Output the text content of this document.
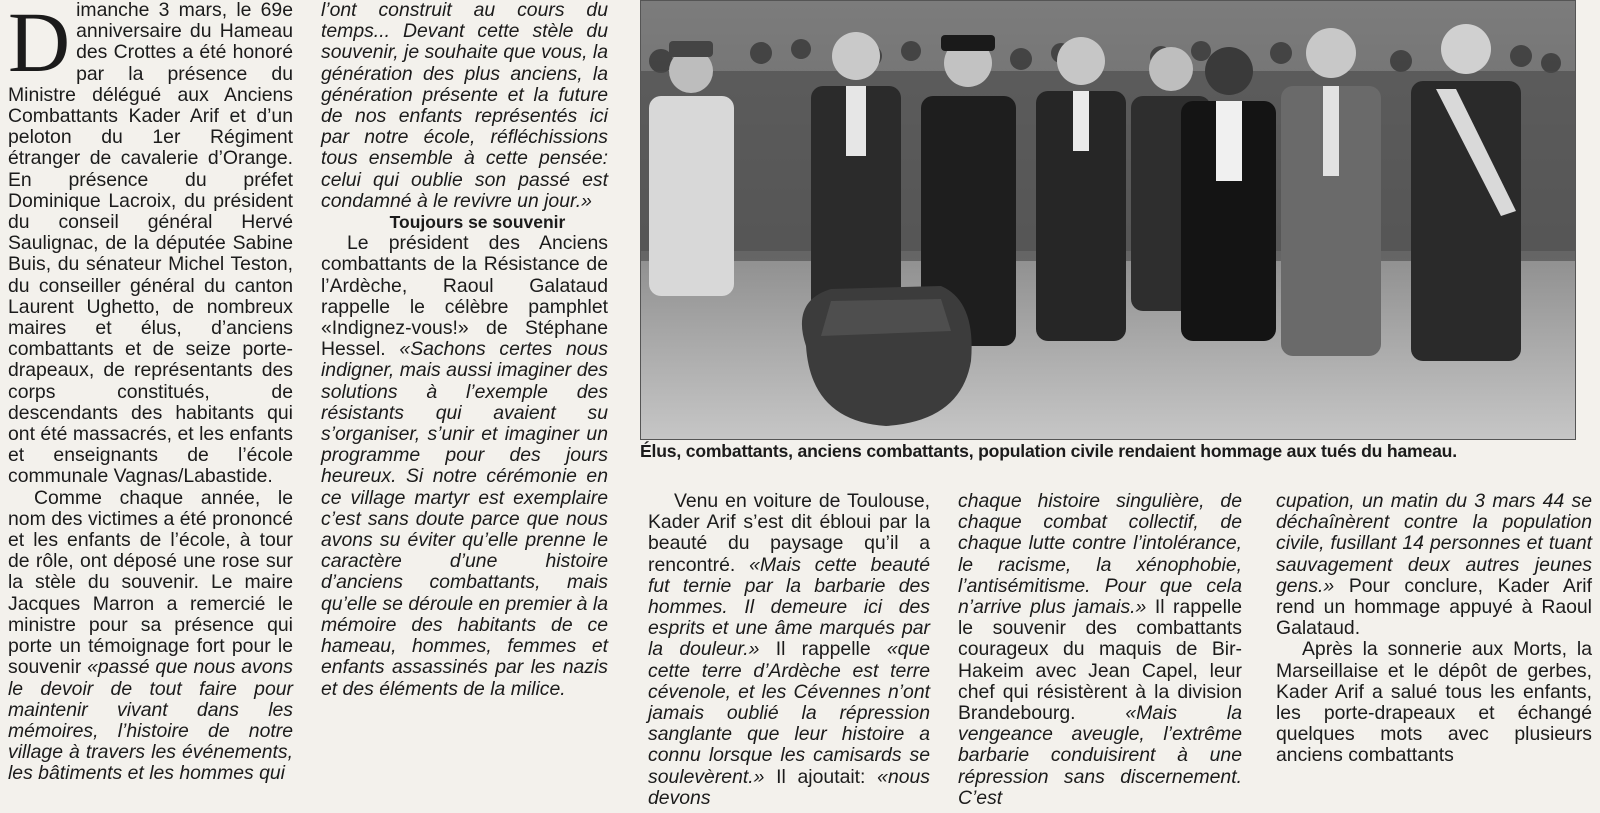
Dimanche 3 mars, le 69e anniversaire du Hameau des Crottes a été honoré par la présence du Ministre délégué aux Anciens Combattants Kader Arif et d’un peloton du 1er Régiment étranger de cavalerie d’Orange. En présence du préfet Dominique Lacroix, du président du conseil général Hervé Saulignac, de la députée Sabine Buis, du sénateur Michel Teston, du conseiller général du canton Laurent Ughetto, de nombreux maires et élus, d’anciens combattants et de seize porte-drapeaux, de représentants des corps constitués, de descendants des habitants qui ont été massacrés, et les enfants et enseignants de l’école communale Vagnas/Labastide.

Comme chaque année, le nom des victimes a été prononcé et les enfants de l’école, à tour de rôle, ont déposé une rose sur la stèle du souvenir. Le maire Jacques Marron a remercié le ministre pour sa présence qui porte un témoignage fort pour le souvenir «passé que nous avons le devoir de tout faire pour maintenir vivant dans les mémoires, l’histoire de notre village à travers les événements, les bâtiments et les hommes qui

l’ont construit au cours du temps... Devant cette stèle du souvenir, je souhaite que vous, la génération des plus anciens, la génération présente et la future de nos enfants représentés ici par notre école, réfléchissions tous ensemble à cette pensée: celui qui oublie son passé est condamné à le revivre un jour.»

Toujours se souvenir

Le président des Anciens combattants de la Résistance de l’Ardèche, Raoul Galataud rappelle le célèbre pamphlet «Indignez-vous!» de Stéphane Hessel. «Sachons certes nous indigner, mais aussi imaginer des solutions à l’exemple des résistants qui avaient su s’organiser, s’unir et imaginer un programme pour des jours heureux. Si notre cérémonie en ce village martyr est exemplaire c’est sans doute parce que nous avons su éviter qu’elle prenne le caractère d’une histoire d’anciens combattants, mais qu’elle se déroule en premier à la mémoire des habitants de ce hameau, hommes, femmes et enfants assassinés par les nazis et des éléments de la milice.

Élus, combattants, anciens combattants, population civile rendaient hommage aux tués du hameau.

Venu en voiture de Toulouse, Kader Arif s’est dit ébloui par la beauté du paysage qu’il a rencontré. «Mais cette beauté fut ternie par la barbarie des hommes. Il demeure ici des esprits et une âme marqués par la douleur.» Il rappelle «que cette terre d’Ardèche est terre cévenole, et les Cévennes n’ont jamais oublié la répression sanglante que leur histoire a connu lorsque les camisards se soulevèrent.» Il ajoutait: «nous devons

chaque histoire singulière, de chaque combat collectif, de chaque lutte contre l’intolérance, le racisme, la xénophobie, l’antisémitisme. Pour que cela n’arrive plus jamais.» Il rappelle le souvenir des combattants courageux du maquis de Bir-Hakeim avec Jean Capel, leur chef qui résistèrent à la division Brandebourg. «Mais la vengeance aveugle, l’extrême barbarie conduisirent à une répression sans discernement. C’est

cupation, un matin du 3 mars 44 se déchaînèrent contre la population civile, fusillant 14 personnes et tuant sauvagement deux autres jeunes gens.» Pour conclure, Kader Arif rend un hommage appuyé à Raoul Galataud.

Après la sonnerie aux Morts, la Marseillaise et le dépôt de gerbes, Kader Arif a salué tous les enfants, les porte-drapeaux et échangé quelques mots avec plusieurs anciens combattants
